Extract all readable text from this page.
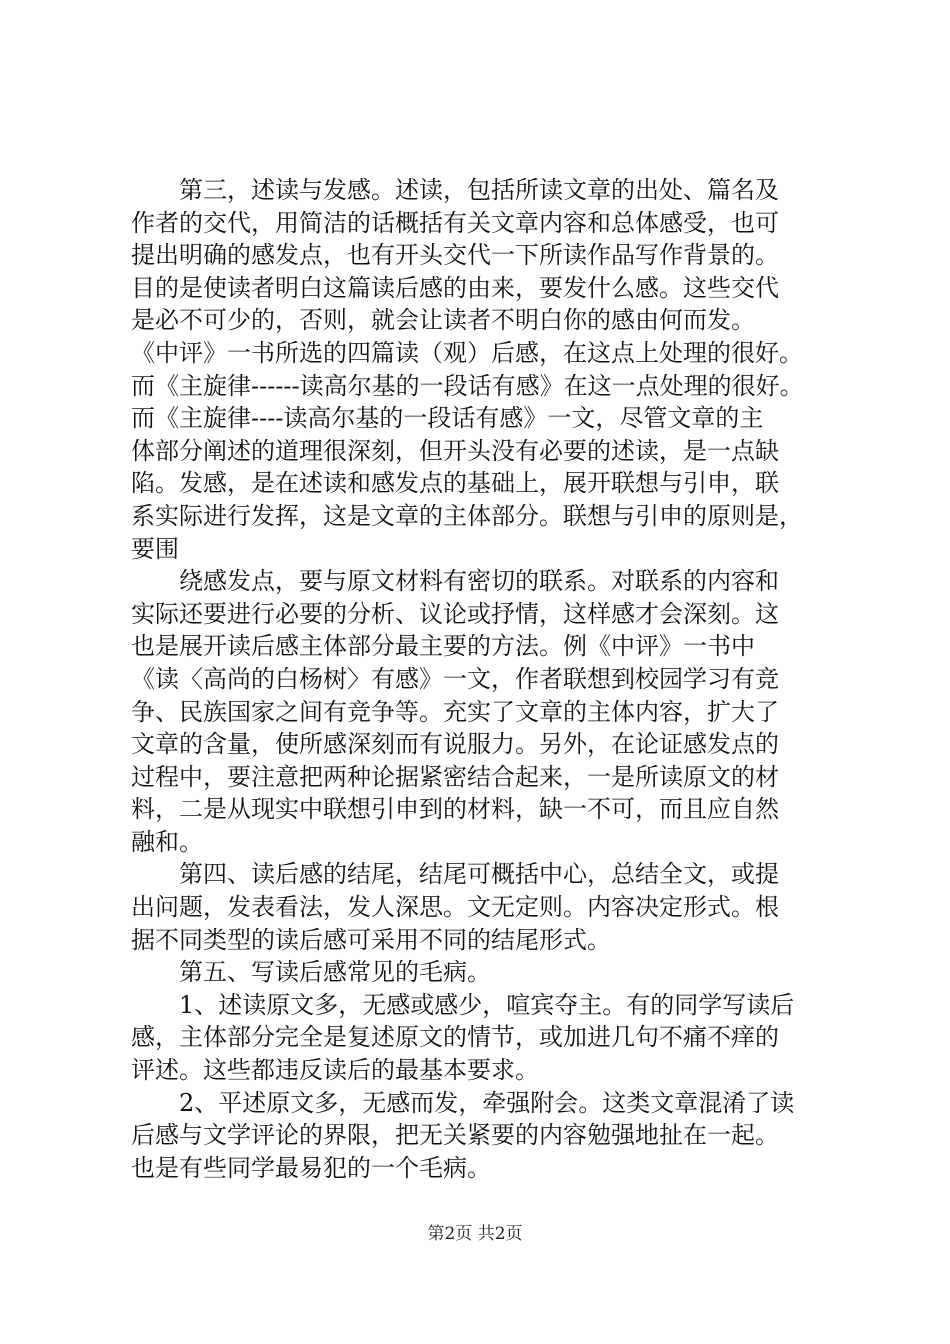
　　第三，述读与发感。述读，包括所读文章的出处、篇名及
作者的交代，用简洁的话概括有关文章内容和总体感受，也可
提出明确的感发点，也有开头交代一下所读作品写作背景的。
目的是使读者明白这篇读后感的由来，要发什么感。这些交代
是必不可少的，否则，就会让读者不明白你的感由何而发。
《中评》一书所选的四篇读（观）后感，在这点上处理的很好。
而《主旋律------读高尔基的一段话有感》在这一点处理的很好。
而《主旋律----读高尔基的一段话有感》一文，尽管文章的主
体部分阐述的道理很深刻，但开头没有必要的述读，是一点缺
陷。发感，是在述读和感发点的基础上，展开联想与引申，联
系实际进行发挥，这是文章的主体部分。联想与引申的原则是，
要围
　　绕感发点，要与原文材料有密切的联系。对联系的内容和
实际还要进行必要的分析、议论或抒情，这样感才会深刻。这
也是展开读后感主体部分最主要的方法。例《中评》一书中
《读〈高尚的白杨树〉有感》一文，作者联想到校园学习有竞
争、民族国家之间有竞争等。充实了文章的主体内容，扩大了
文章的含量，使所感深刻而有说服力。另外，在论证感发点的
过程中，要注意把两种论据紧密结合起来，一是所读原文的材
料，二是从现实中联想引申到的材料，缺一不可，而且应自然
融和。
　　第四、读后感的结尾，结尾可概括中心，总结全文，或提
出问题，发表看法，发人深思。文无定则。内容决定形式。根
据不同类型的读后感可采用不同的结尾形式。
　　第五、写读后感常见的毛病。
　　1、述读原文多，无感或感少，喧宾夺主。有的同学写读后
感，主体部分完全是复述原文的情节，或加进几句不痛不痒的
评述。这些都违反读后的最基本要求。
　　2、平述原文多，无感而发，牵强附会。这类文章混淆了读
后感与文学评论的界限，把无关紧要的内容勉强地扯在一起。
也是有些同学最易犯的一个毛病。
第2页 共2页
